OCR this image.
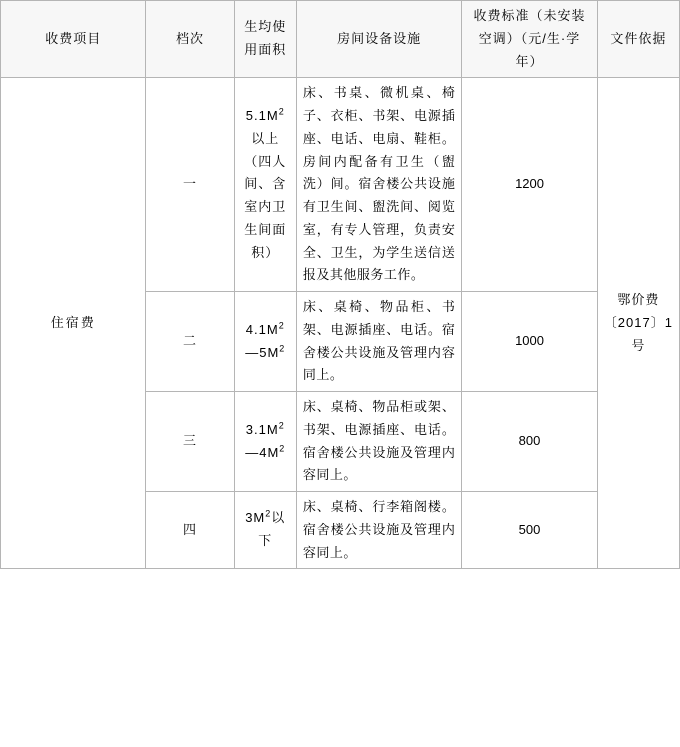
收费项目	档次	生均使用面积	房间设备设施	收费标准（未安装空调）（元/生·学年）	文件依据
住宿费	一	$5.1M^2$以上（四人间、含室内卫生间面积）	床、书桌、微机桌、椅子、衣柜、书架、电源插座、电话、电扇、鞋柜。房间内配备有卫生（盥洗）间。宿舍楼公共设施有卫生间、盥洗间、阅览室，有专人管理，负责安全、卫生，为学生送信送报及其他服务工作。	1200	鄂价费〔2017〕1号
	二	$4.1M^2—5M^2$	床、桌椅、物品柜、书架、电源插座、电话。宿舍楼公共设施及管理内容同上。	1000	
	三	$3.1M^2—4M^2$	床、桌椅、物品柜或架、书架、电源插座、电话。宿舍楼公共设施及管理内容同上。	800	
	四	$3M^2$以下	床、桌椅、行李箱阁楼。宿舍楼公共设施及管理内容同上。	500	
